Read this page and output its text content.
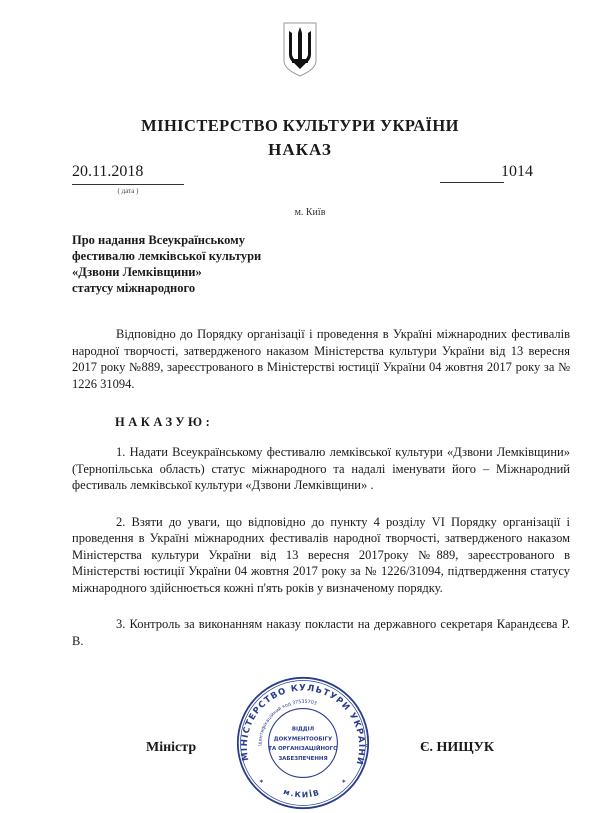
МІНІСТЕРСТВО КУЛЬТУРИ УКРАЇНИ
НАКАЗ
20.11.2018	1014
( дата )
м. Київ
Про надання Всеукраїнському
фестивалю лемківської культури
«Дзвони Лемківщини»
статусу міжнародного

Відповідно до Порядку організації і проведення в Україні міжнародних фестивалів народної творчості, затвердженого наказом Міністерства культури України від 13 вересня 2017 року №889, зареєстрованого в Міністерстві юстиції України 04 жовтня 2017 року за № 1226 31094.

НАКАЗУЮ:

1. Надати Всеукраїнському фестивалю лемківської культури «Дзвони Лемківщини» (Тернопільська область) статус міжнародного та надалі іменувати його – Міжнародний фестиваль лемківської культури «Дзвони Лемківщини» .

2. Взяти до уваги, що відповідно до пункту 4 розділу VI Порядку організації і проведення в Україні міжнародних фестивалів народної творчості, затвердженого наказом Міністерства культури України від 13 вересня 2017року №889, зареєстрованого в Міністерстві юстиції України 04 жовтня 2017 року за № 1226/31094, підтвердження статусу міжнародного здійснюється кожні п'ять років у визначеному порядку.

3. Контроль за виконанням наказу покласти на державного секретаря Карандєєва Р. В.

Міністр	Є. НИЩУК
МІНІСТЕРСТВО КУЛЬТУРИ УКРАЇНИ
Ідентифікаційний код 37535703
м.КИЇВ
ВІДДІЛ
ДОКУМЕНТООБІГУ
ТА ОРГАНІЗАЦІЙНОГО
ЗАБЕЗПЕЧЕННЯ
*	*
